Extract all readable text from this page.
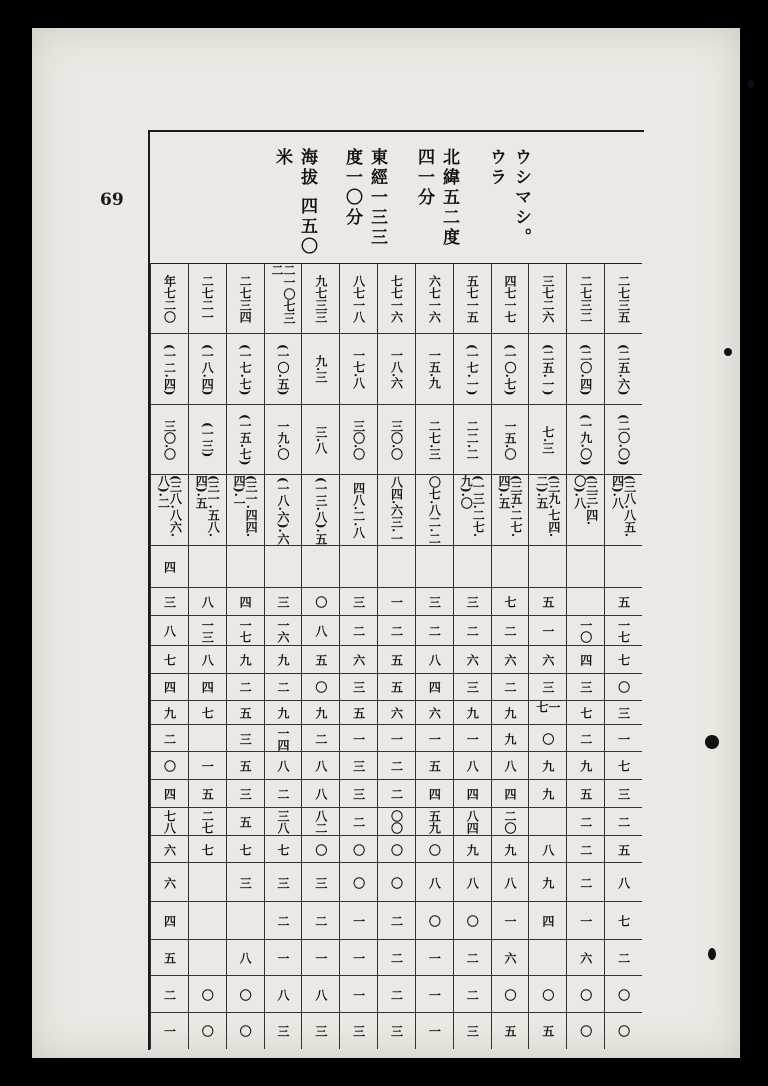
69	ウシマシ。ウラ
北緯五二度 四一分
東經一三三 度一〇分
海拔 四五〇米
二七三五
(二五.六)
(二〇.〇)
(三八.八五.四).八
五
一七
七
〇
三
一
七
三
二
五
八
七
二
〇
〇
二七三二
(二〇.四)
(一九.〇)
(三三.四.〇).八
一〇
四
三
七
二
九
五
二
二
二
一
六
〇
〇
三七二六
(二五.一)
七.三
(三九.七四.二).五
五
一
六
三
一七
〇
九
九
八
九
四
〇
五
四七一七
(一〇.七)
一五.〇
(三五.二七.四).五
七
二
六
二
九
九
八
四
二〇
九
八
一
六
〇
五
五七一五
(一七.一)
二二.二
(一三.二七.九).〇
三
二
六
三
九
一
八
四
八四
九
八
〇
二
二
三
六七一六
一五.九
二七.三
〇七.八二.二
三
二
八
四
六
一
五
四
五九
〇
八
〇
一
一
一
七七一六
一八.六
三〇.〇
八四.六三.一
一
二
五
五
六
一
二
二
〇〇
〇
〇
二
二
二
三
八七一八
一七.八
三〇.〇
四八.二.八
三
二
六
三
五
一
三
三
二
〇
〇
一
一
一
三
九七三三
九.三
三.八
(一三.八).五
〇
八
五
〇
九
二
八
八
八二
〇
三
二
一
八
三
二一〇七三二
(一〇.五)
一九.〇
(一八.六).六
三
一六
九
二
九
一四
八
二
三八
七
三
二
一
八
三
二七三四
(一七.七)
(一五.七)
(三一.四四.四).一
四
一七
九
二
五
三
五
三
五
七
三
八
〇
〇
二七二一
(一八.四)
(一三)
(三一.五八.四).五
八
一三
八
四
七
一
五
二七
七
〇
〇
年七二〇
(一二.四)
三〇.〇
(三八.八六.八).二
四
三
八
七
四
九
二
〇
四
七八
六
六
四
五
二
一
